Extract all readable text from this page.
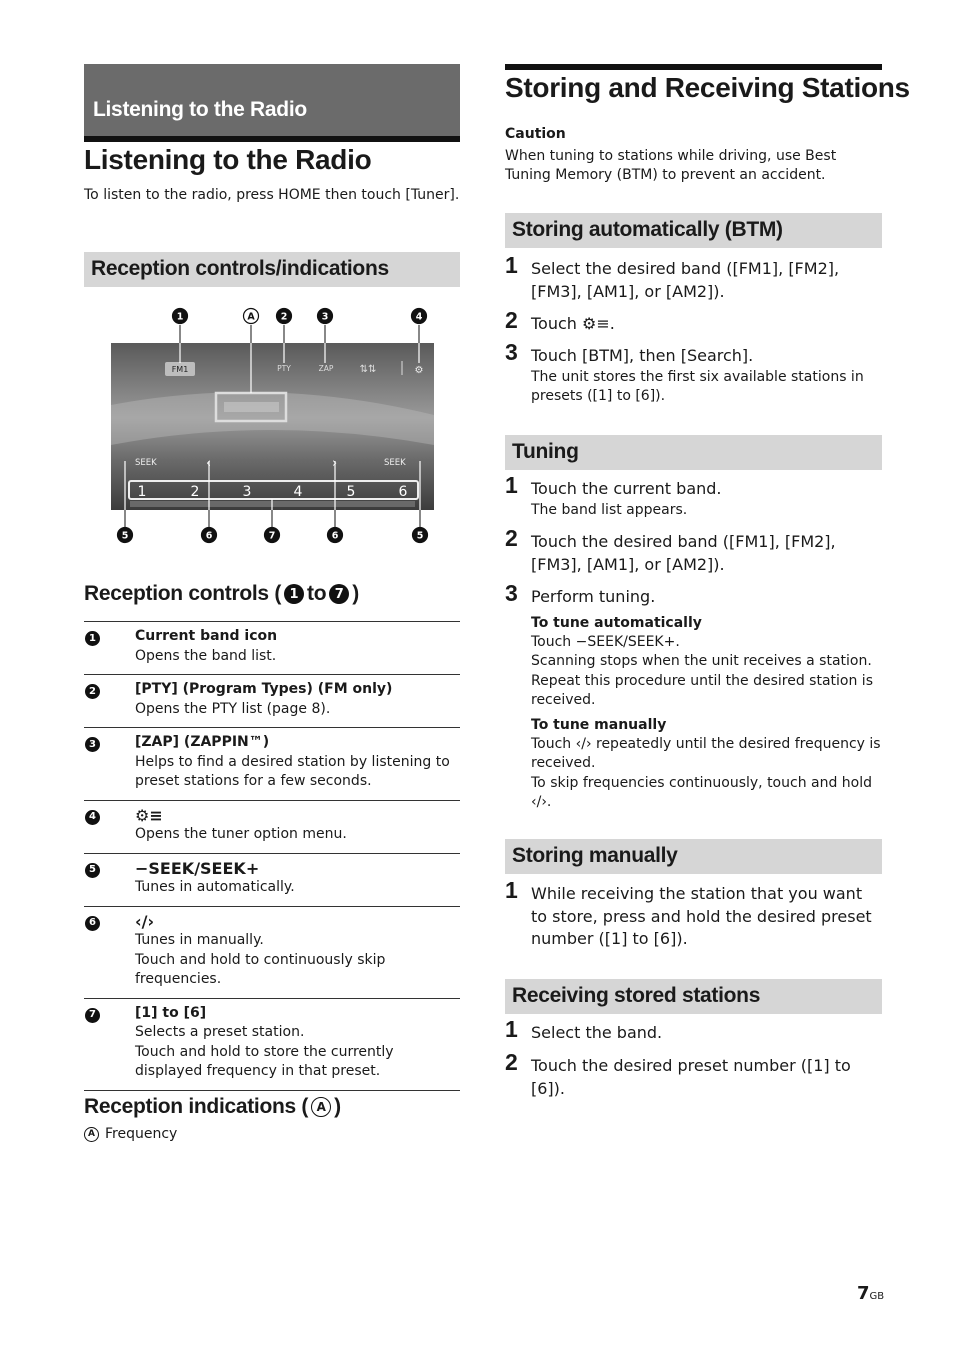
Listening to the Radio
Listening to the Radio

To listen to the radio, press HOME then touch [Tuner].

Reception controls/indications
FM1	PTY	ZAP	⇅⇅	⚙
SEEK	SEEK
‹	›
1	2	3	4	5	6
1	A	2	3	4
5	6	7	6	5
Reception controls ( 1 to 7 )
1	Current band icon
Opens the band list.
2	[PTY] (Program Types) (FM only)
Opens the PTY list (page 8).
3	[ZAP] (ZAPPIN™)
Helps to find a desired station by listening to preset stations for a few seconds.
4 ⚙≡
Opens the tuner option menu.
5 −SEEK/SEEK+
Tunes in automatically.
6 ‹/›
Tunes in manually.
Touch and hold to continuously skip frequencies.
7	[1] to [6]
Selects a preset station.
Touch and hold to store the currently displayed frequency in that preset.
Reception indications ( A )
A Frequency
Storing and Receiving Stations
Caution

When tuning to stations while driving, use Best Tuning Memory (BTM) to prevent an accident.

Storing automatically (BTM)
1 Select the desired band ([FM1], [FM2], [FM3], [AM1], or [AM2]).
2 Touch ⚙≡.
3 Touch [BTM], then [Search].
The unit stores the first six available stations in presets ([1] to [6]).
Tuning
1 Touch the current band.
The band list appears.
2 Touch the desired band ([FM1], [FM2], [FM3], [AM1], or [AM2]).
3 Perform tuning.
To tune automatically
Touch −SEEK/SEEK+.
Scanning stops when the unit receives a station. Repeat this procedure until the desired station is received.
To tune manually
Touch ‹/› repeatedly until the desired frequency is received.
To skip frequencies continuously, touch and hold ‹/›.
Storing manually
1 While receiving the station that you want to store, press and hold the desired preset number ([1] to [6]).
Receiving stored stations
1 Select the band.
2 Touch the desired preset number ([1] to [6]).
7GB
